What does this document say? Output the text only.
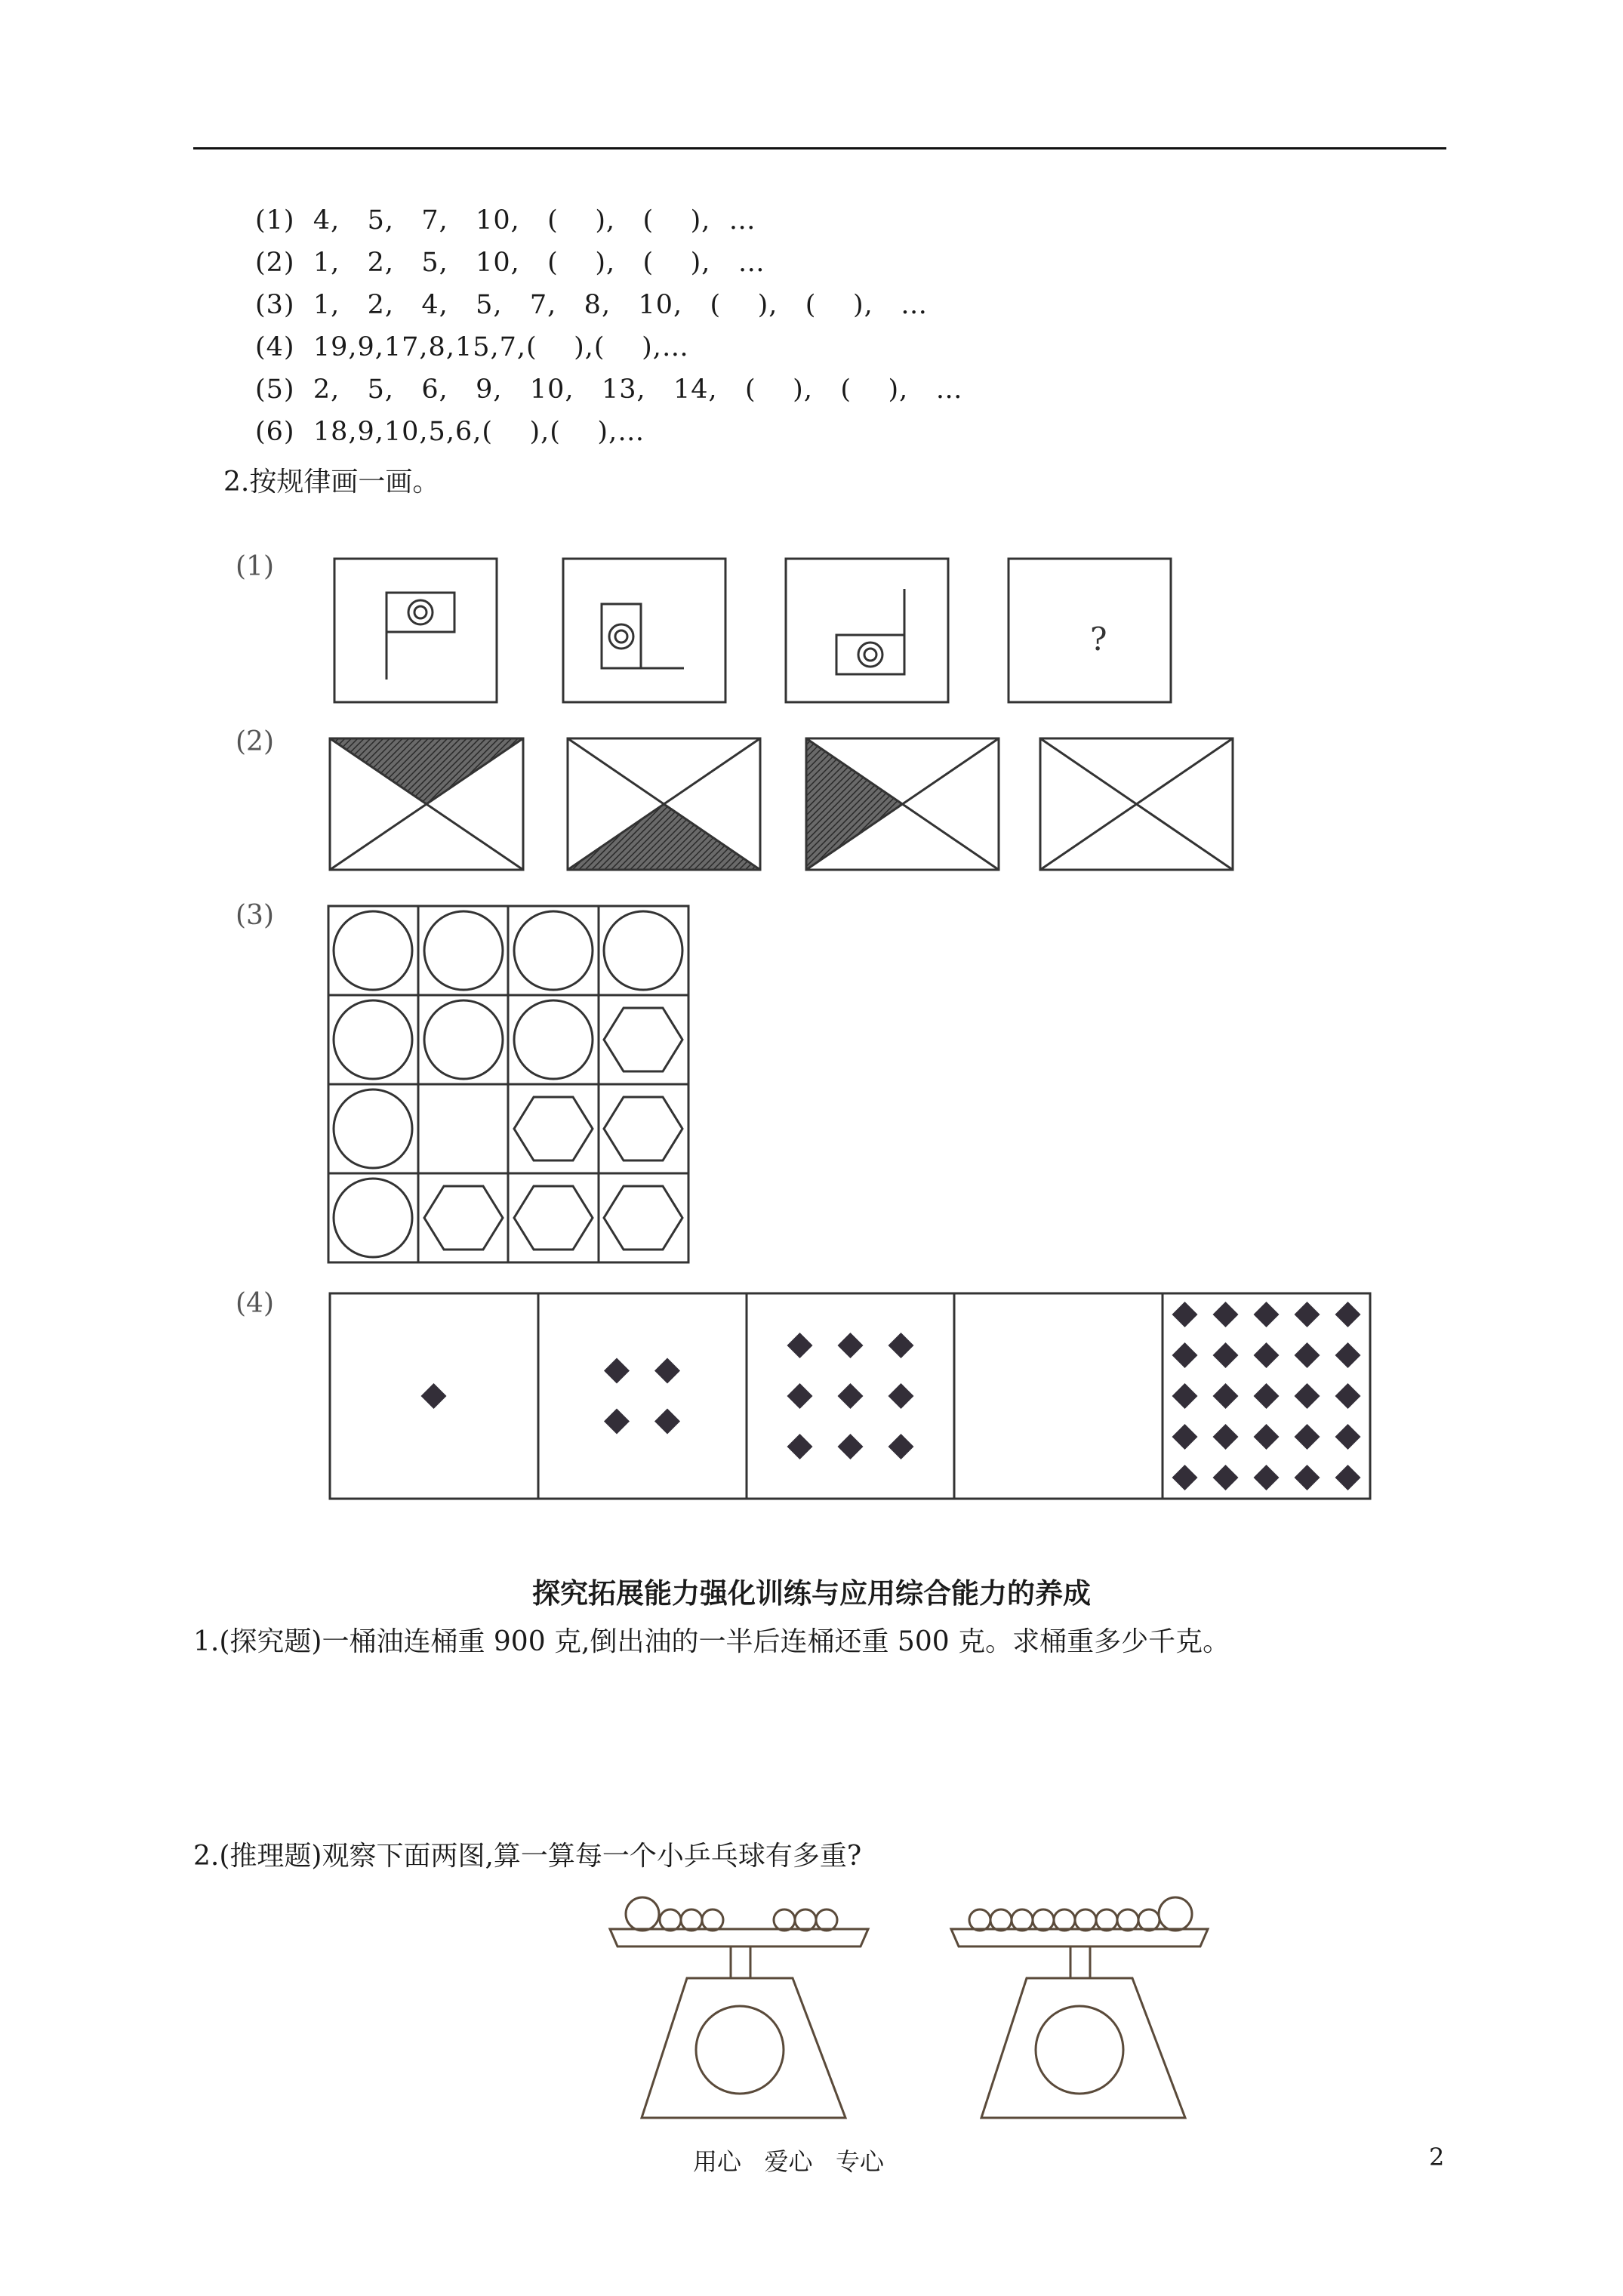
(1)  4,   5,   7,   10,   (    ),   (    ),  …
(2)  1,   2,   5,   10,   (    ),   (    ),   …
(3)  1,   2,   4,   5,   7,   8,   10,   (    ),   (    ),   …
(4)  19,9,17,8,15,7,(    ),(    ),…
(5)  2,   5,   6,   9,   10,   13,   14,   (    ),   (    ),   …
(6)  18,9,10,5,6,(    ),(    ),…
2.按规律画一画。
(1)
(2)
(3)
(4)
?
探究拓展能力强化训练与应用综合能力的养成
1.(探究题)一桶油连桶重 900 克,倒出油的一半后连桶还重 500 克。求桶重多少千克。
2.(推理题)观察下面两图,算一算每一个小乒乓球有多重?
用心   爱心   专心	2
